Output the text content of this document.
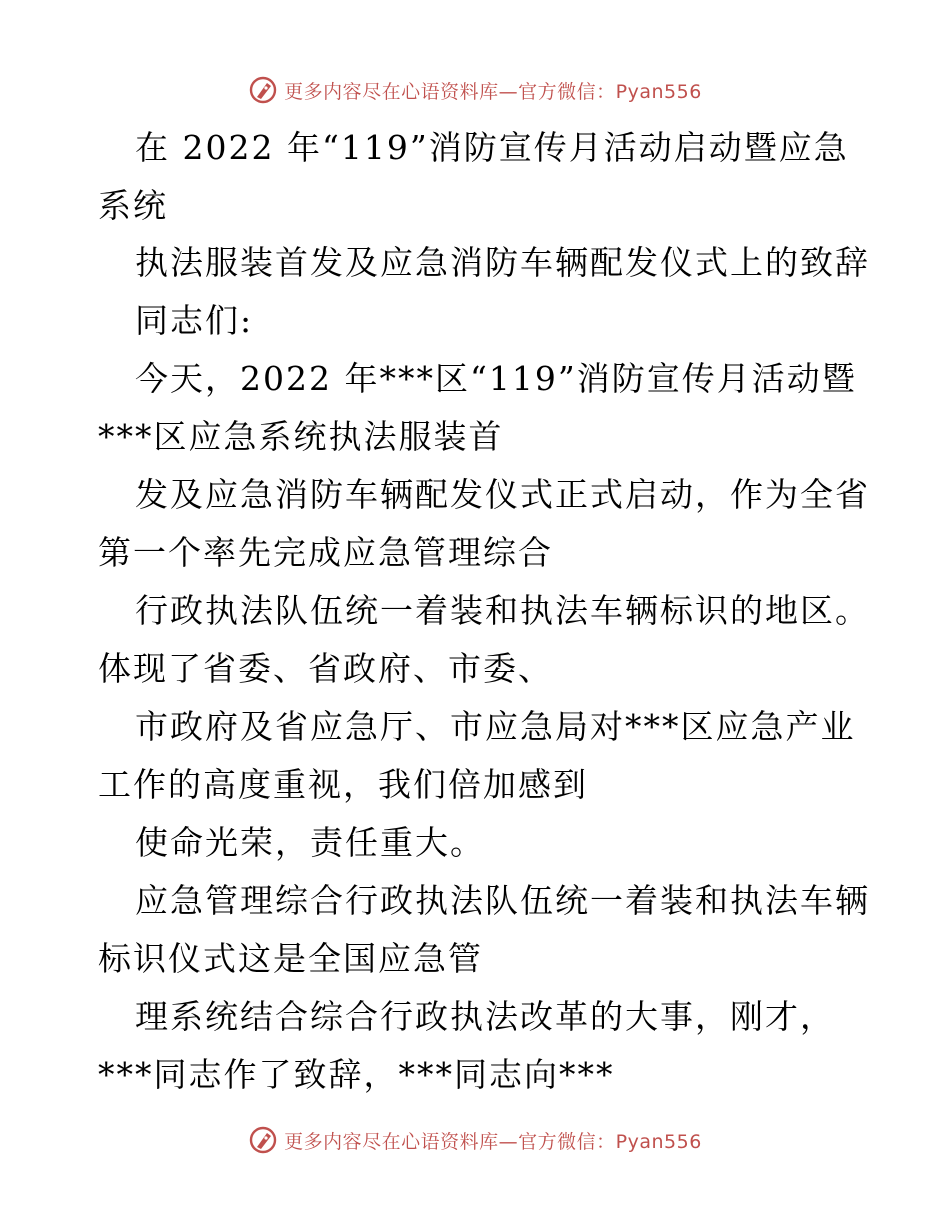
更多内容尽在心语资料库—官方微信：Pyan556
在 2022 年“119”消防宣传月活动启动暨应急
系统
执法服装首发及应急消防车辆配发仪式上的致辞
同志们:
今天，2022 年***区“119”消防宣传月活动暨
***区应急系统执法服装首
发及应急消防车辆配发仪式正式启动，作为全省
第一个率先完成应急管理综合
行政执法队伍统一着装和执法车辆标识的地区。
体现了省委、省政府、市委、
市政府及省应急厅、市应急局对***区应急产业
工作的高度重视，我们倍加感到
使命光荣，责任重大。
应急管理综合行政执法队伍统一着装和执法车辆
标识仪式这是全国应急管
理系统结合综合行政执法改革的大事，刚才，
***同志作了致辞，***同志向***
更多内容尽在心语资料库—官方微信：Pyan556
